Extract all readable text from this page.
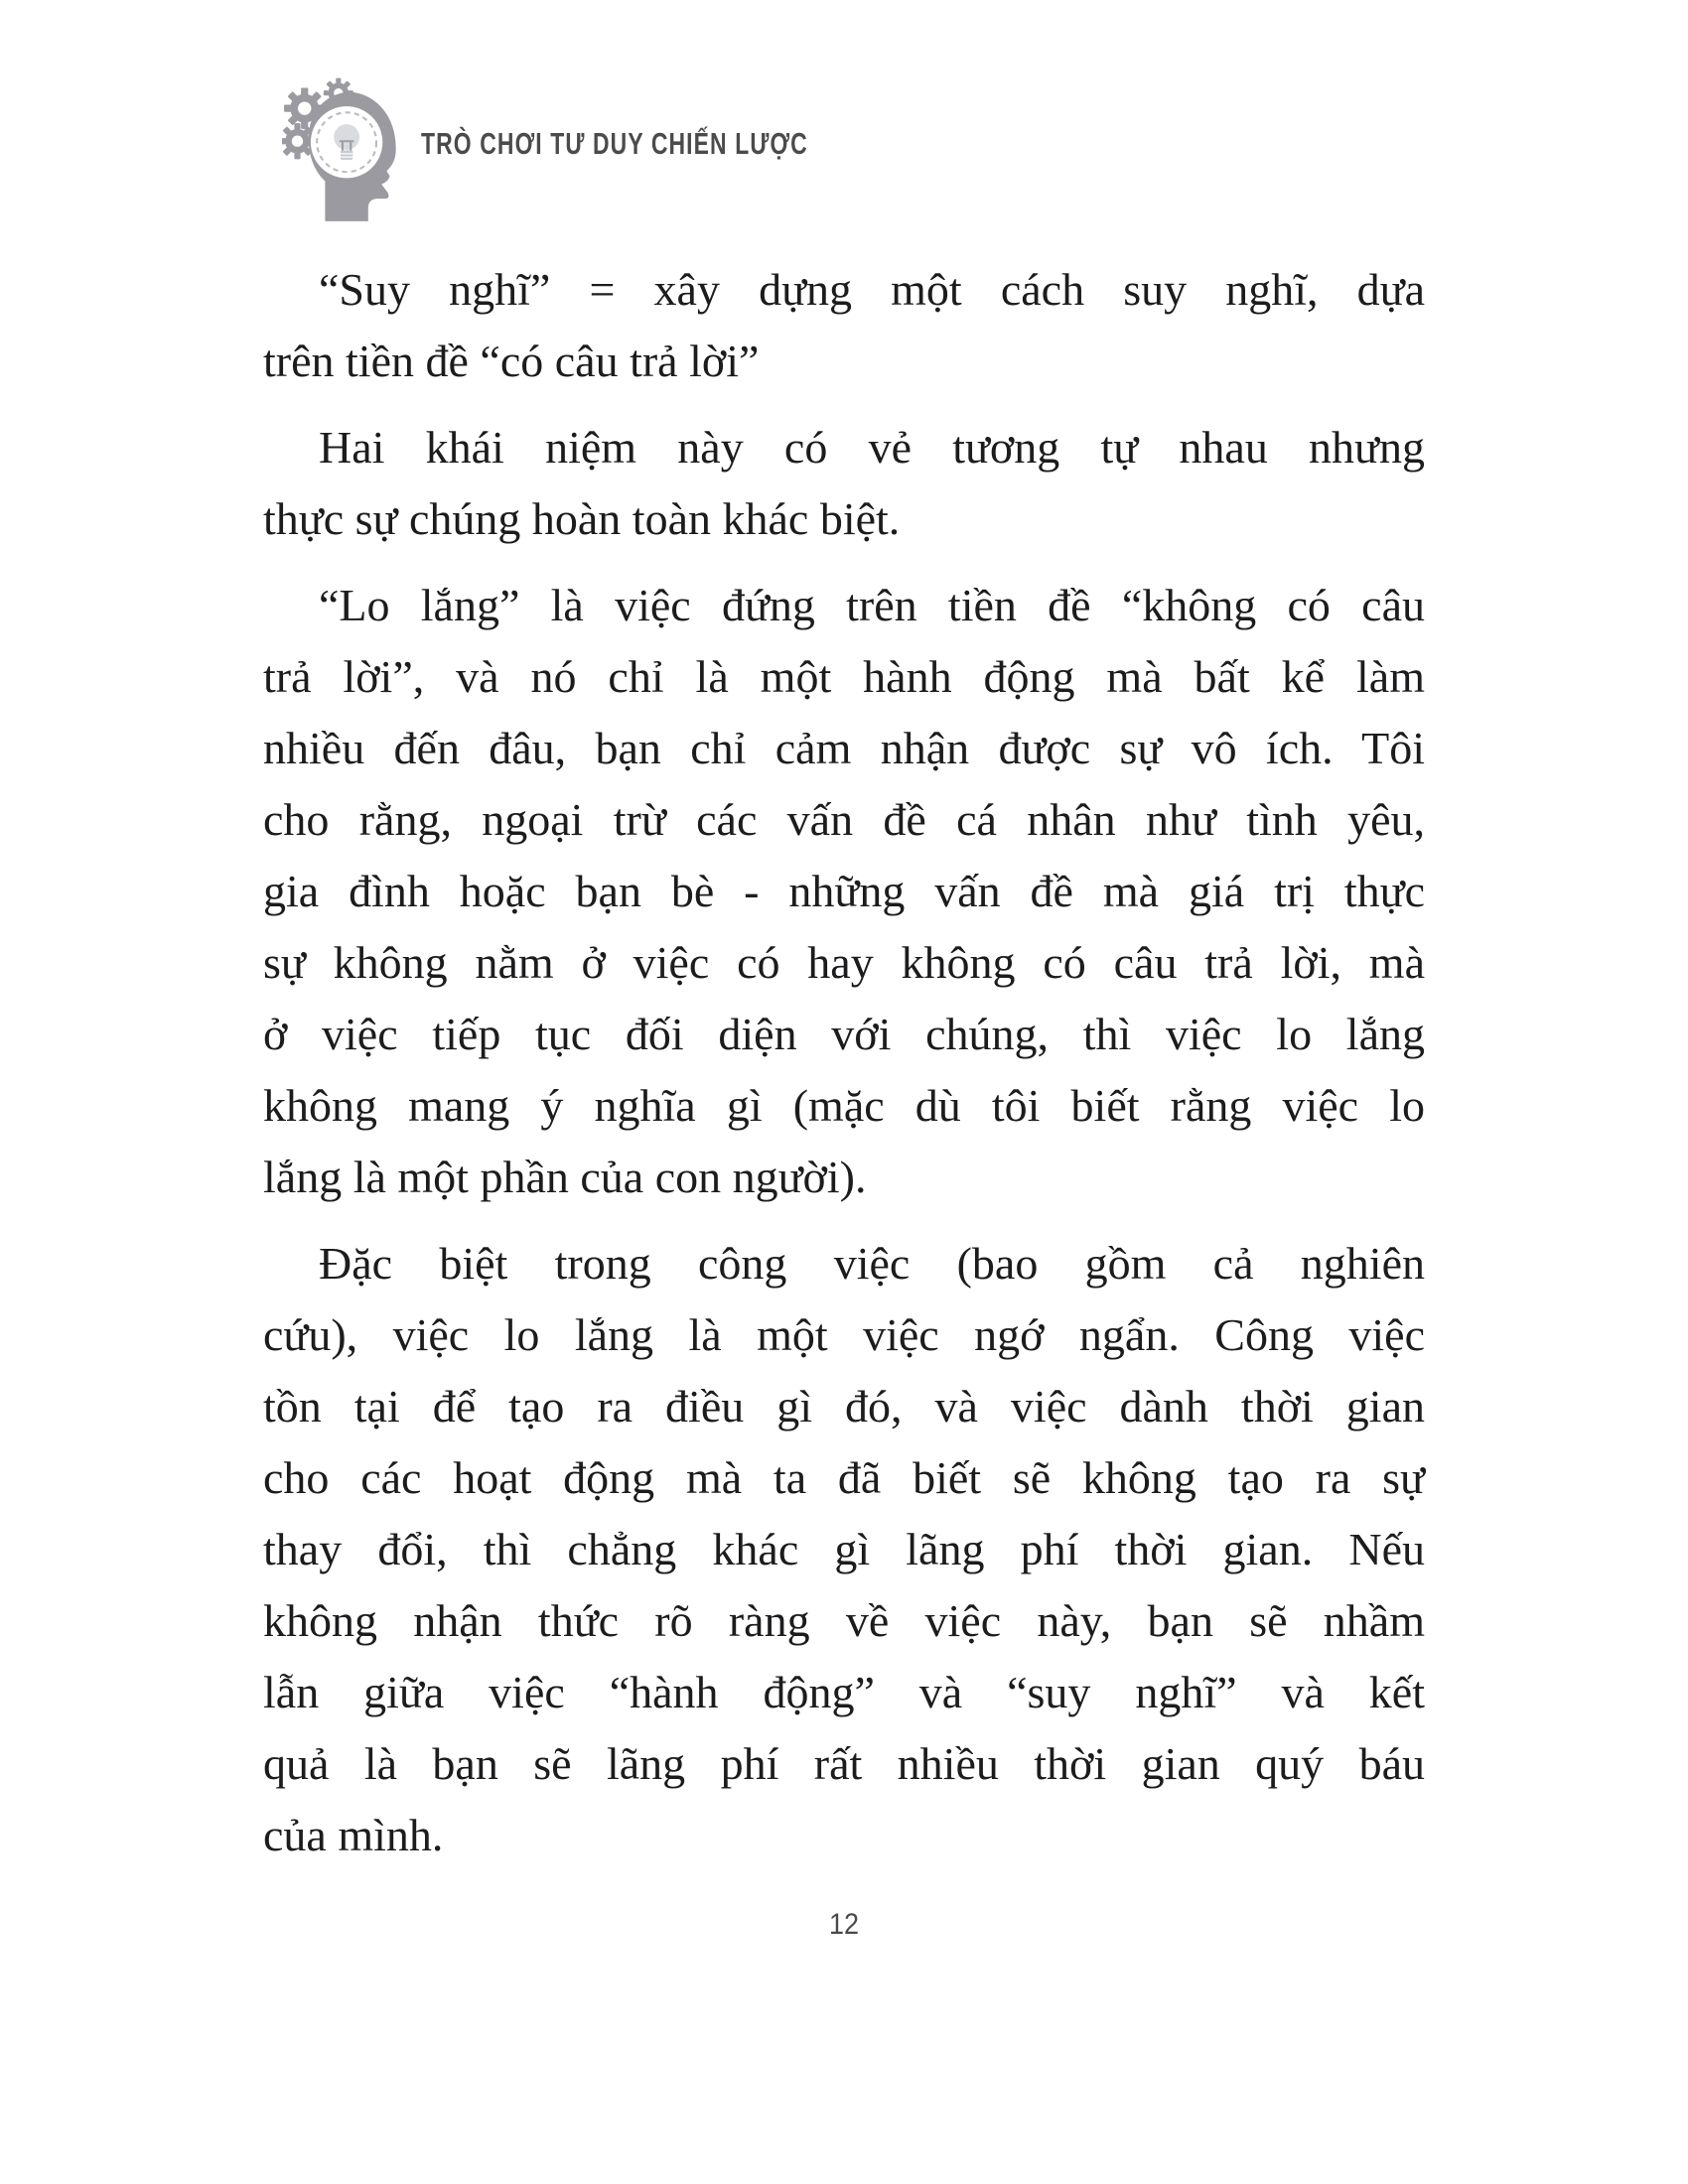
TRÒ CHƠI TƯ DUY CHIẾN LƯỢC
“Suy nghĩ” = xây dựng một cách suy nghĩ, dựa
trên tiền đề “có câu trả lời”
Hai khái niệm này có vẻ tương tự nhau nhưng
thực sự chúng hoàn toàn khác biệt.
“Lo lắng” là việc đứng trên tiền đề “không có câu
trả lời”, và nó chỉ là một hành động mà bất kể làm
nhiều đến đâu, bạn chỉ cảm nhận được sự vô ích. Tôi
cho rằng, ngoại trừ các vấn đề cá nhân như tình yêu,
gia đình hoặc bạn bè - những vấn đề mà giá trị thực
sự không nằm ở việc có hay không có câu trả lời, mà
ở việc tiếp tục đối diện với chúng, thì việc lo lắng
không mang ý nghĩa gì (mặc dù tôi biết rằng việc lo
lắng là một phần của con người).
Đặc biệt trong công việc (bao gồm cả nghiên
cứu), việc lo lắng là một việc ngớ ngẩn. Công việc
tồn tại để tạo ra điều gì đó, và việc dành thời gian
cho các hoạt động mà ta đã biết sẽ không tạo ra sự
thay đổi, thì chẳng khác gì lãng phí thời gian. Nếu
không nhận thức rõ ràng về việc này, bạn sẽ nhầm
lẫn giữa việc “hành động” và “suy nghĩ” và kết
quả là bạn sẽ lãng phí rất nhiều thời gian quý báu
của mình.
12
